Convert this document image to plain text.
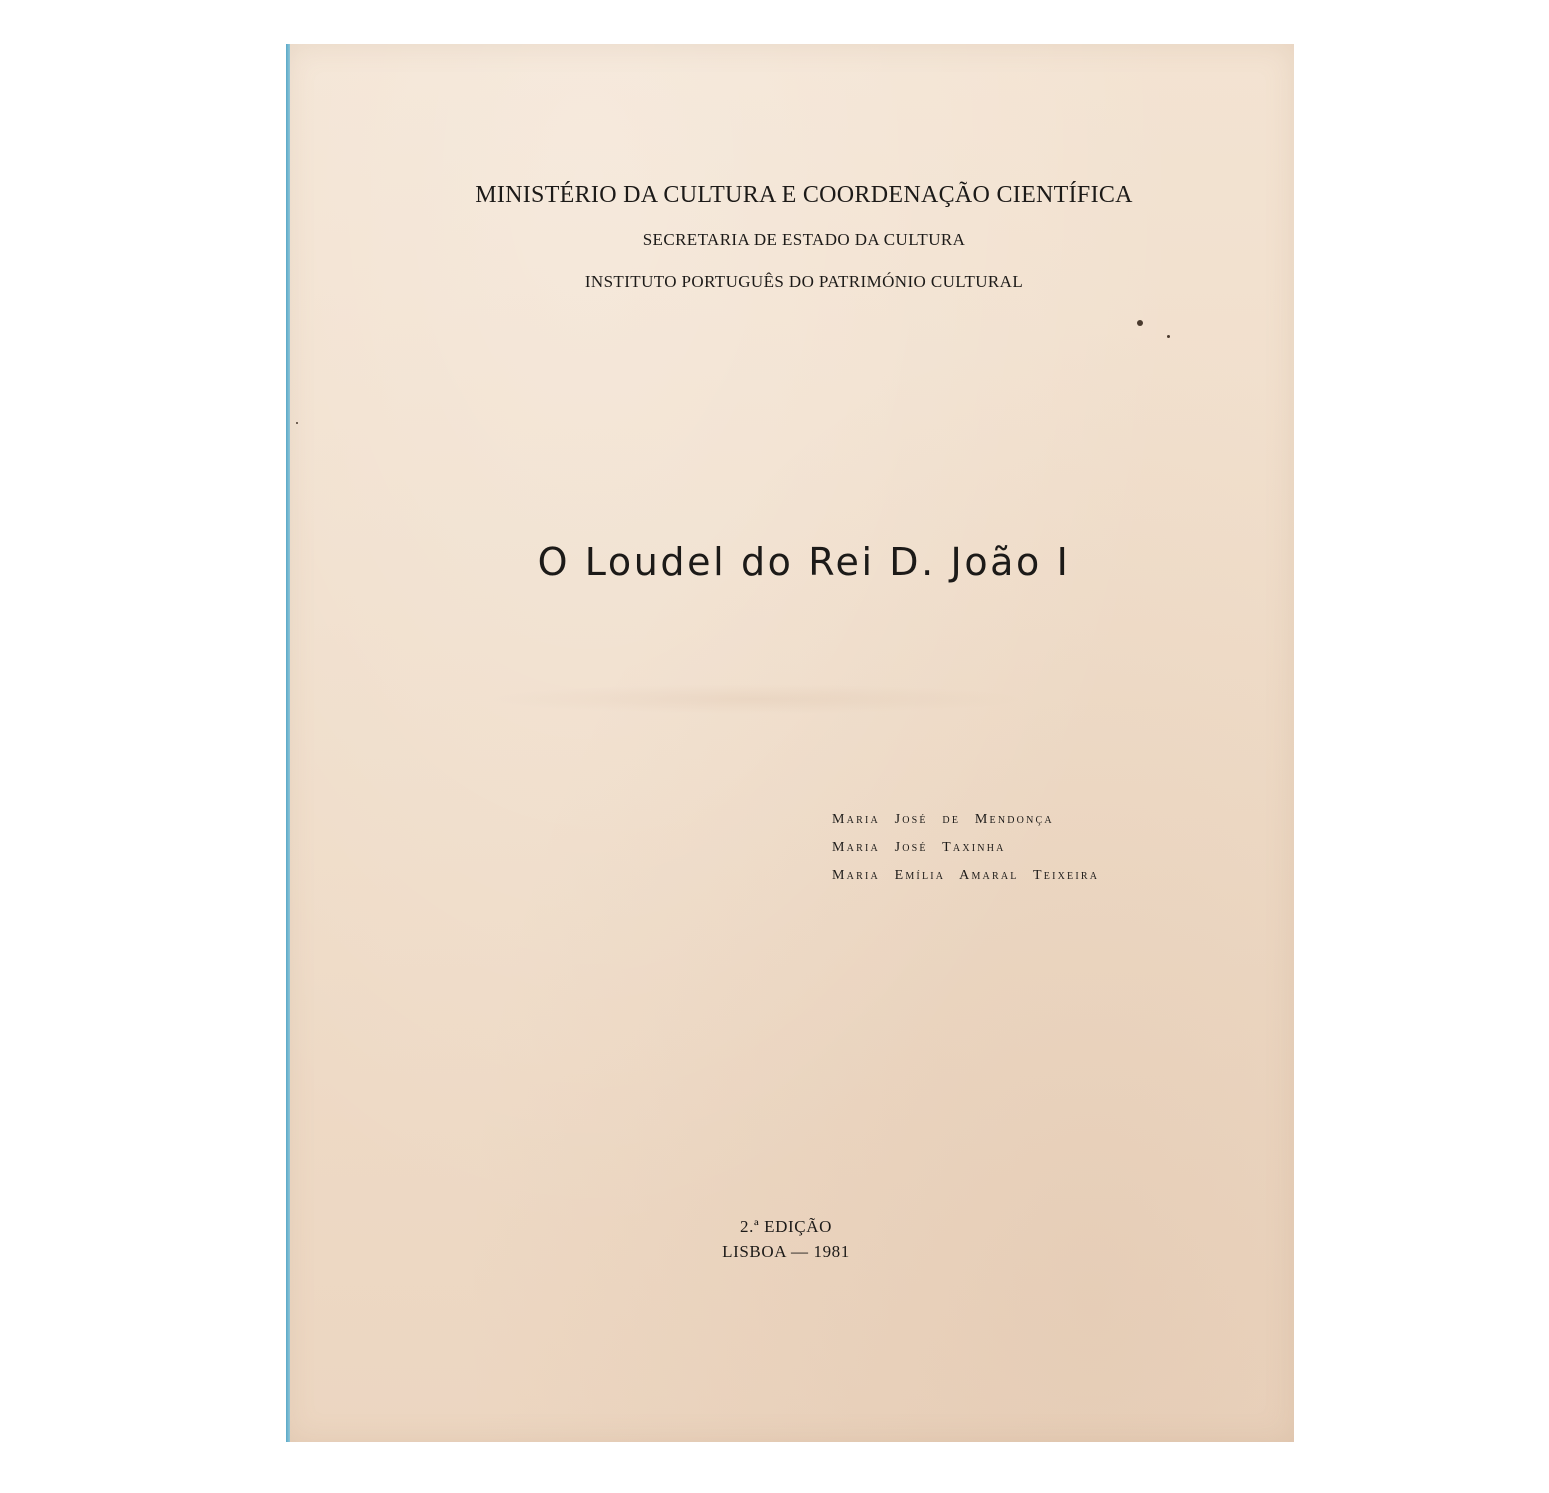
MINISTÉRIO DA CULTURA E COORDENAÇÃO CIENTÍFICA
SECRETARIA DE ESTADO DA CULTURA
INSTITUTO PORTUGUÊS DO PATRIMÓNIO CULTURAL
O Loudel do Rei D. João I
Maria José de Mendonça
Maria José Taxinha
Maria Emília Amaral Teixeira
2.ª EDIÇÃO
LISBOA — 1981
